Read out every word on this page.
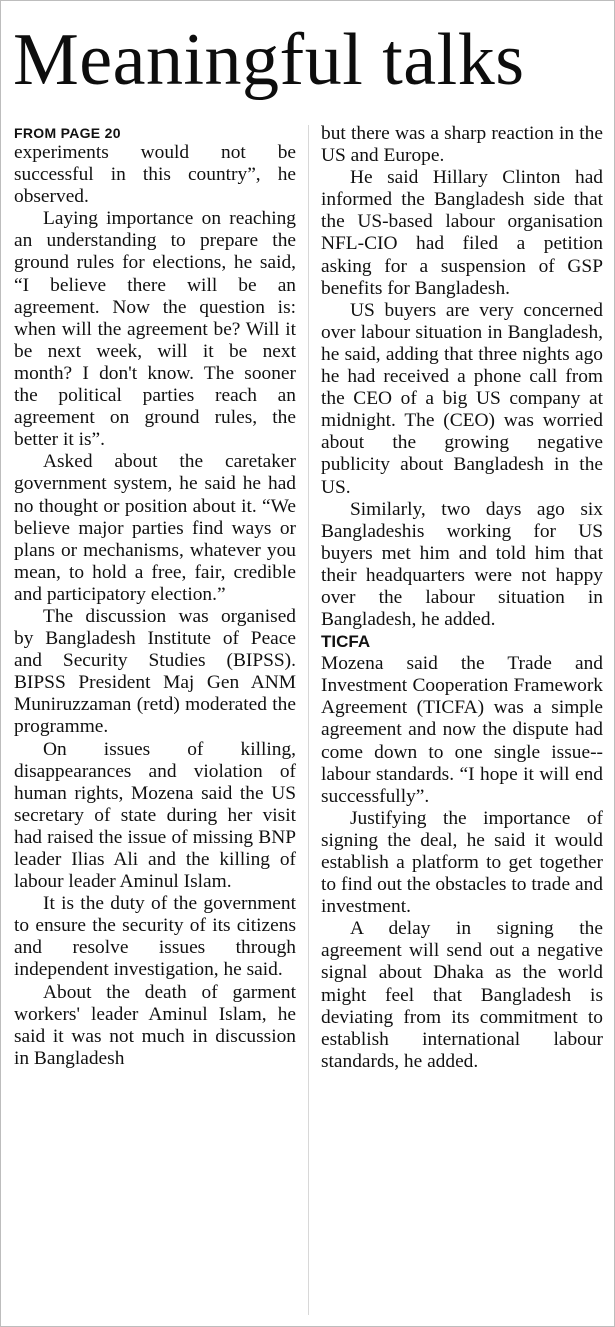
Meaningful talks
FROM PAGE 20

experiments would not be successful in this country”, he observed.

Laying importance on reaching an understanding to prepare the ground rules for elections, he said, “I believe there will be an agreement. Now the question is: when will the agreement be? Will it be next week, will it be next month? I don't know. The sooner the political parties reach an agreement on ground rules, the better it is”.

Asked about the caretaker government system, he said he had no thought or position about it. “We believe major parties find ways or plans or mechanisms, whatever you mean, to hold a free, fair, credible and participatory election.”

The discussion was organised by Bangladesh Institute of Peace and Security Studies (BIPSS). BIPSS President Maj Gen ANM Muniruzzaman (retd) moderated the programme.

On issues of killing, disappearances and violation of human rights, Mozena said the US secretary of state during her visit had raised the issue of missing BNP leader Ilias Ali and the killing of labour leader Aminul Islam.

It is the duty of the government to ensure the security of its citizens and resolve issues through independent investigation, he said.

About the death of garment workers' leader Aminul Islam, he said it was not much in discussion in Bangladesh

but there was a sharp reaction in the US and Europe.

He said Hillary Clinton had informed the Bangladesh side that the US-based labour organisation NFL-CIO had filed a petition asking for a suspension of GSP benefits for Bangladesh.

US buyers are very concerned over labour situation in Bangladesh, he said, adding that three nights ago he had received a phone call from the CEO of a big US company at midnight. The (CEO) was worried about the growing negative publicity about Bangladesh in the US.

Similarly, two days ago six Bangladeshis working for US buyers met him and told him that their headquarters were not happy over the labour situation in Bangladesh, he added.

TICFA

Mozena said the Trade and Investment Cooperation Framework Agreement (TICFA) was a simple agreement and now the dispute had come down to one single issue--labour standards. “I hope it will end successfully”.

Justifying the importance of signing the deal, he said it would establish a platform to get together to find out the obstacles to trade and investment.

A delay in signing the agreement will send out a negative signal about Dhaka as the world might feel that Bangladesh is deviating from its commitment to establish international labour standards, he added.
